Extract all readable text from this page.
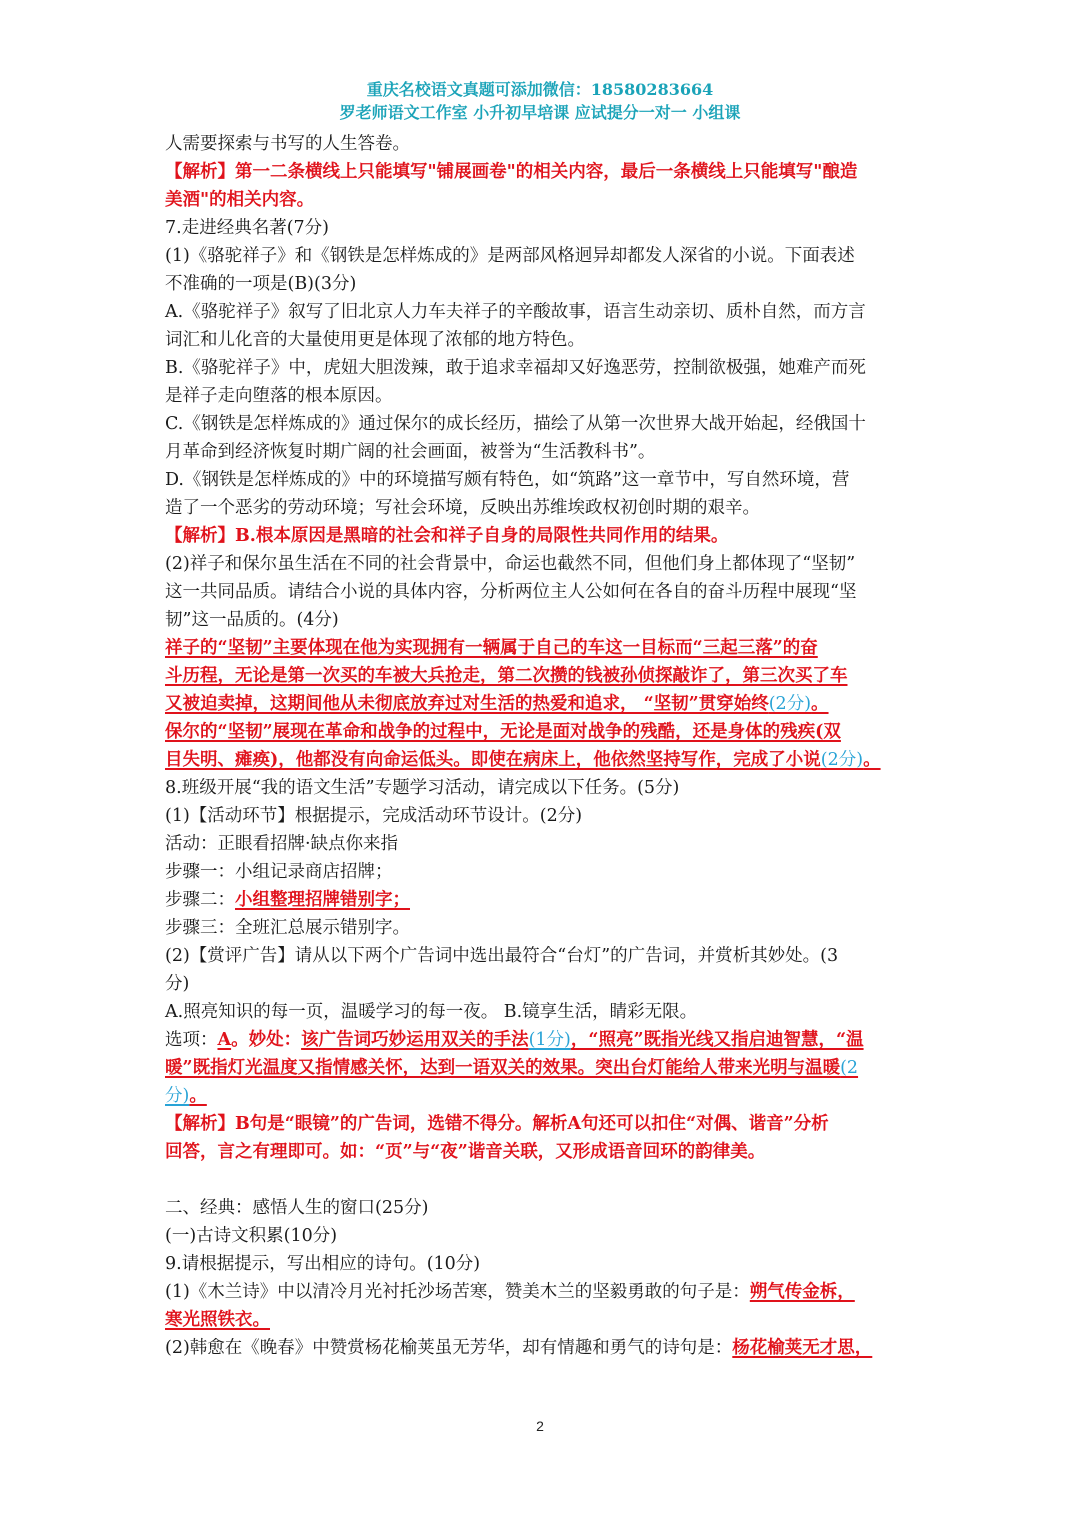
重庆名校语文真题可添加微信：18580283664
罗老师语文工作室 小升初早培课 应试提分一对一 小组课
人需要探索与书写的人生答卷。
【解析】第一二条横线上只能填写"铺展画卷"的相关内容，最后一条横线上只能填写"酿造
美酒"的相关内容。
7.走进经典名著(7分)
(1)《骆驼祥子》和《钢铁是怎样炼成的》是两部风格迥异却都发人深省的小说。下面表述
不准确的一项是(B)(3分)
A.《骆驼祥子》叙写了旧北京人力车夫祥子的辛酸故事，语言生动亲切、质朴自然，而方言
词汇和儿化音的大量使用更是体现了浓郁的地方特色。
B.《骆驼祥子》中，虎妞大胆泼辣，敢于追求幸福却又好逸恶劳，控制欲极强，她难产而死
是祥子走向堕落的根本原因。
C.《钢铁是怎样炼成的》通过保尔的成长经历，描绘了从第一次世界大战开始起，经俄国十
月革命到经济恢复时期广阔的社会画面，被誉为“生活教科书”。
D.《钢铁是怎样炼成的》中的环境描写颇有特色，如“筑路”这一章节中，写自然环境，营
造了一个恶劣的劳动环境；写社会环境，反映出苏维埃政权初创时期的艰辛。
【解析】B.根本原因是黑暗的社会和祥子自身的局限性共同作用的结果。
(2)祥子和保尔虽生活在不同的社会背景中，命运也截然不同，但他们身上都体现了“坚韧”
这一共同品质。请结合小说的具体内容，分析两位主人公如何在各自的奋斗历程中展现“坚
韧”这一品质的。(4分)
祥子的“坚韧”主要体现在他为实现拥有一辆属于自己的车这一目标而“三起三落”的奋
斗历程，无论是第一次买的车被大兵抢走，第二次攒的钱被孙侦探敲诈了，第三次买了车
又被迫卖掉，这期间他从未彻底放弃过对生活的热爱和追求， “坚韧”贯穿始终(2分)。
保尔的“坚韧”展现在革命和战争的过程中，无论是面对战争的残酷，还是身体的残疾(双
目失明、瘫痪)，他都没有向命运低头。即使在病床上，他依然坚持写作，完成了小说(2分)。
8.班级开展“我的语文生活”专题学习活动，请完成以下任务。(5分)
(1)【活动环节】根据提示，完成活动环节设计。(2分)
活动：正眼看招牌·缺点你来指
步骤一：小组记录商店招牌；
步骤二：小组整理招牌错别字；
步骤三：全班汇总展示错别字。
(2)【赏评广告】请从以下两个广告词中选出最符合“台灯”的广告词，并赏析其妙处。(3
分)
A.照亮知识的每一页，温暖学习的每一夜。 B.镜享生活，睛彩无限。
选项：A。妙处：该广告词巧妙运用双关的手法(1分)，“照亮”既指光线又指启迪智慧，“温
暖”既指灯光温度又指情感关怀，达到一语双关的效果。突出台灯能给人带来光明与温暖(2
分)。
【解析】B句是“眼镜”的广告词，选错不得分。解析A句还可以扣住“对偶、谐音”分析
回答，言之有理即可。如：“页”与“夜”谐音关联，又形成语音回环的韵律美。
二、经典：感悟人生的窗口(25分)
(一)古诗文积累(10分)
9.请根据提示，写出相应的诗句。(10分)
(1)《木兰诗》中以清冷月光衬托沙场苦寒，赞美木兰的坚毅勇敢的句子是：朔气传金柝，
寒光照铁衣。
(2)韩愈在《晚春》中赞赏杨花榆荚虽无芳华，却有情趣和勇气的诗句是：杨花榆荚无才思，
2
